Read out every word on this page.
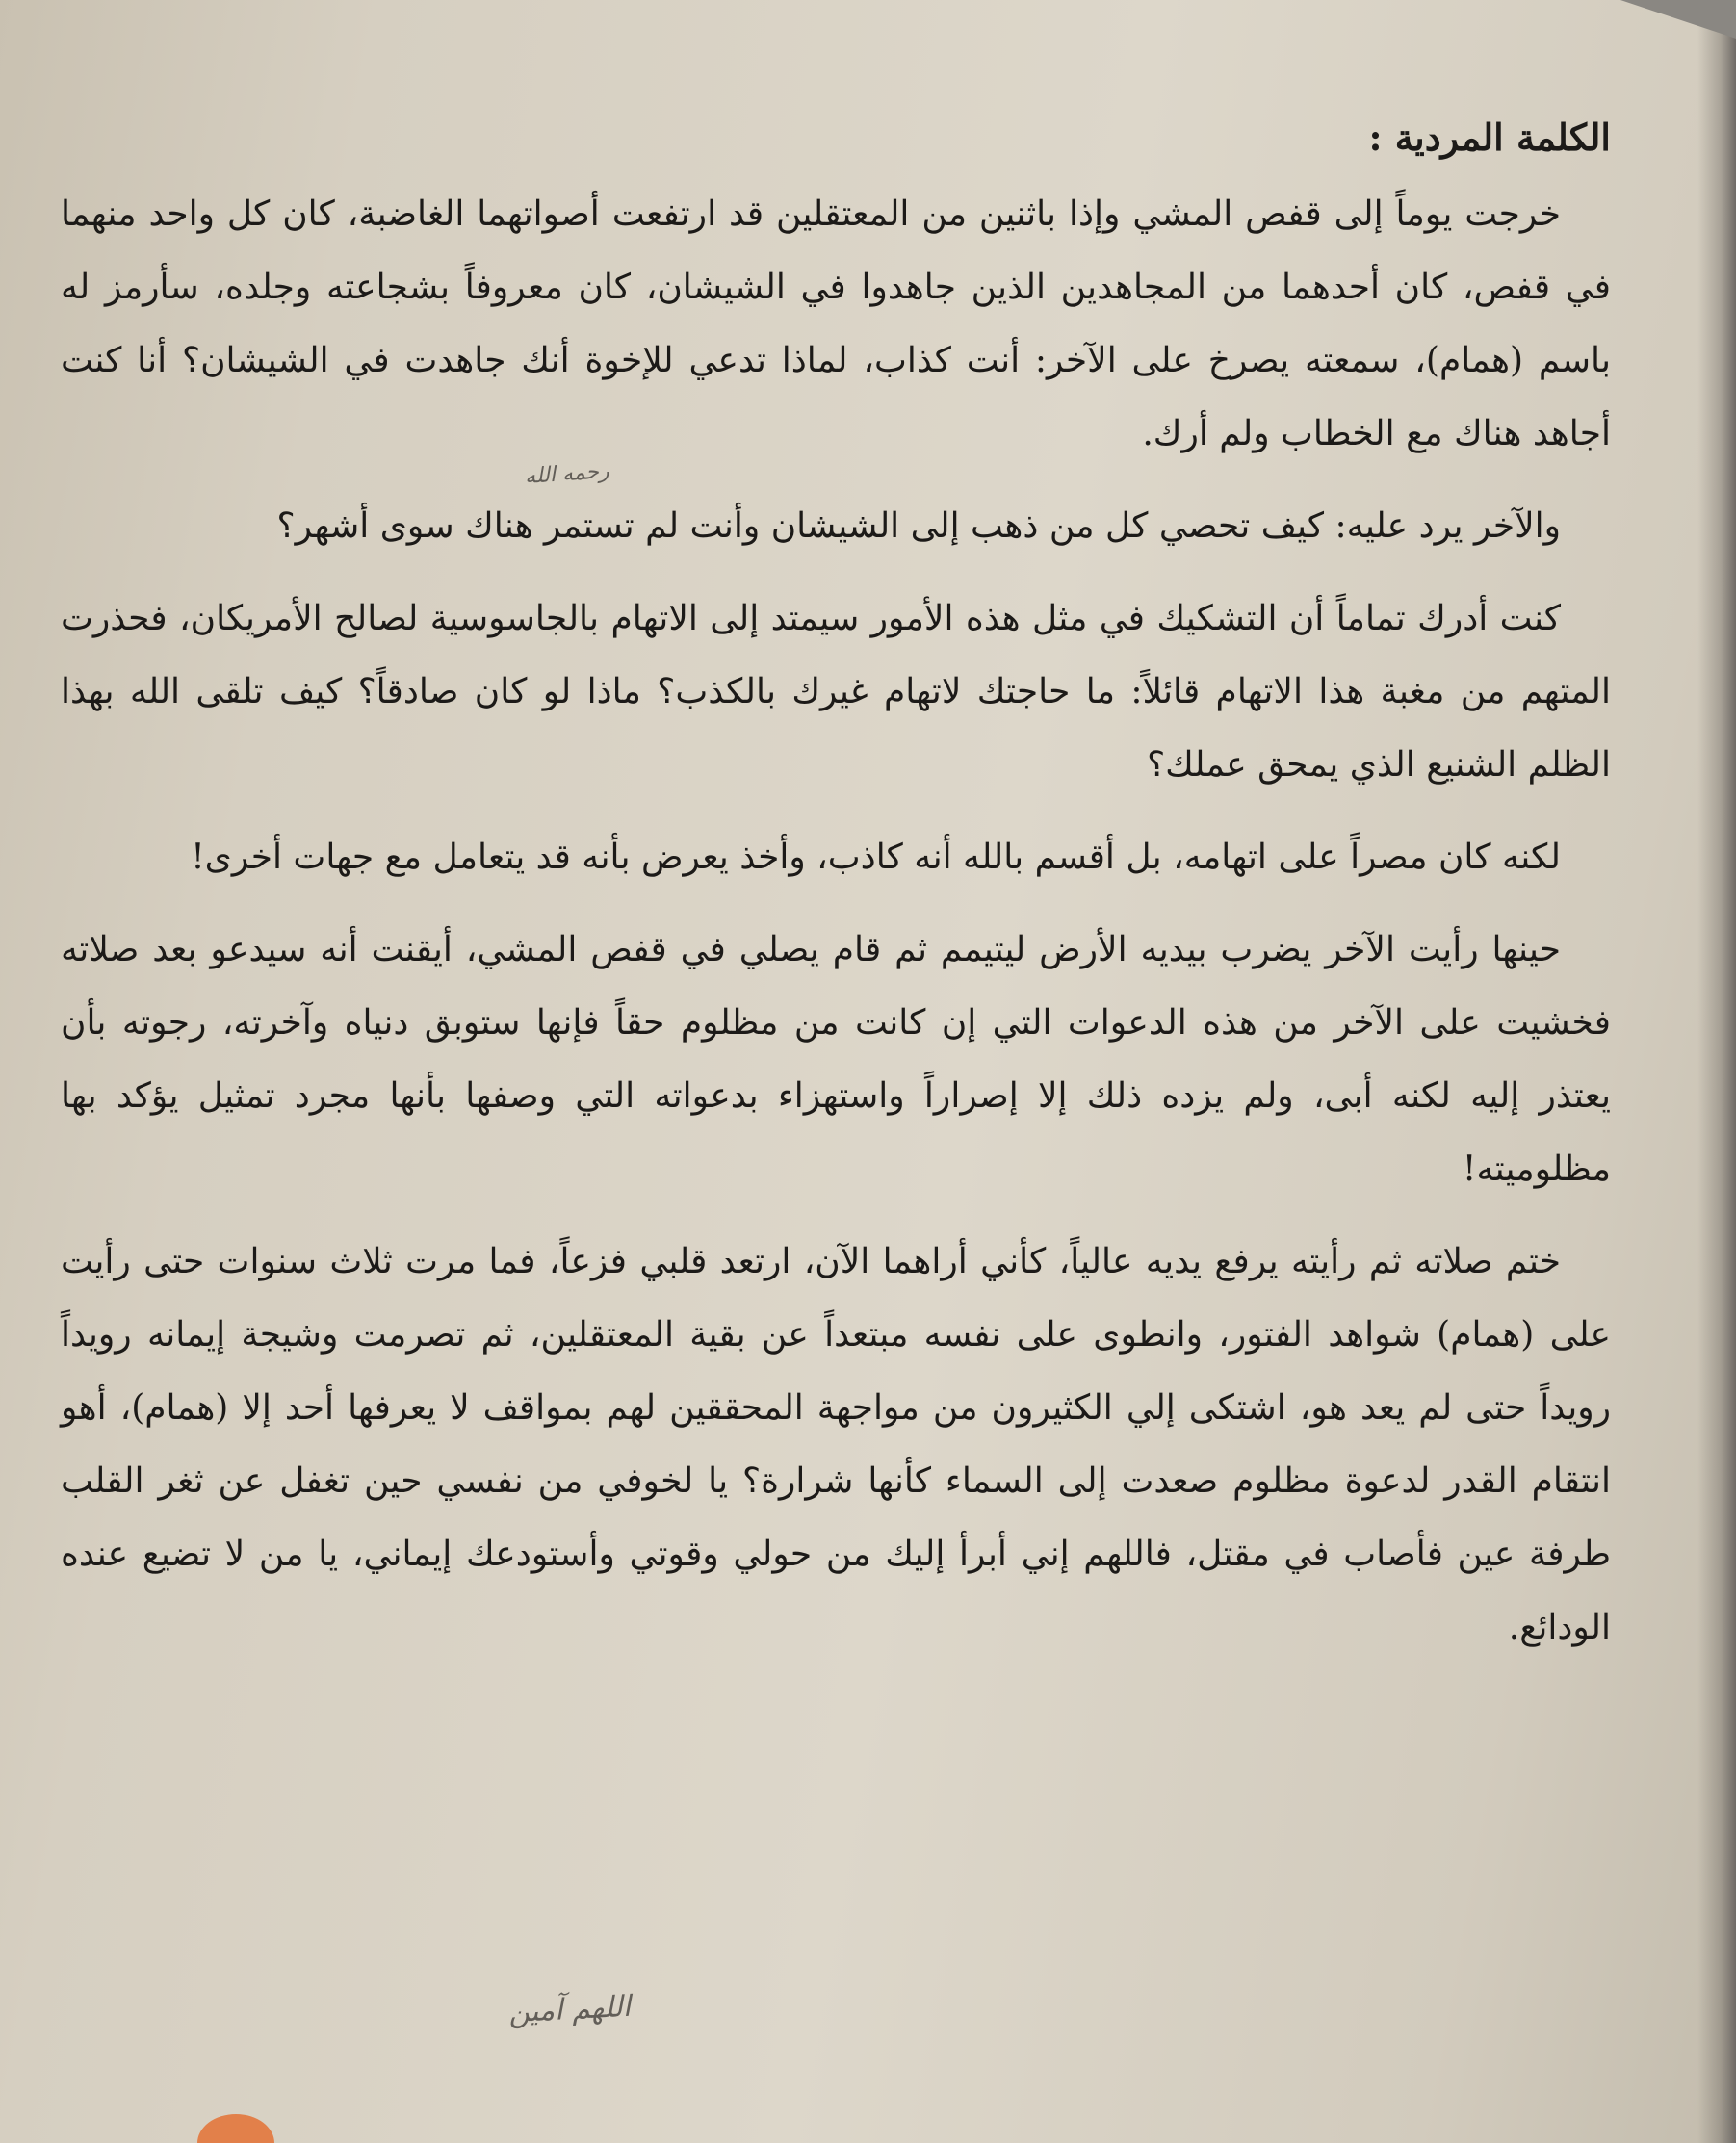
الكلمة المردية :

خرجت يوماً إلى قفص المشي وإذا باثنين من المعتقلين قد ارتفعت أصواتهما الغاضبة، كان كل واحد منهما في قفص، كان أحدهما من المجاهدين الذين جاهدوا في الشيشان، كان معروفاً بشجاعته وجلده، سأرمز له باسم (همام)، سمعته يصرخ على الآخر: أنت كذاب، لماذا تدعي للإخوة أنك جاهدت في الشيشان؟ أنا كنت أجاهد هناك مع الخطاب ولم أرك.

والآخر يرد عليه: كيف تحصي كل من ذهب إلى الشيشان وأنت لم تستمر هناك سوى أشهر؟

كنت أدرك تماماً أن التشكيك في مثل هذه الأمور سيمتد إلى الاتهام بالجاسوسية لصالح الأمريكان، فحذرت المتهم من مغبة هذا الاتهام قائلاً: ما حاجتك لاتهام غيرك بالكذب؟ ماذا لو كان صادقاً؟ كيف تلقى الله بهذا الظلم الشنيع الذي يمحق عملك؟

لكنه كان مصراً على اتهامه، بل أقسم بالله أنه كاذب، وأخذ يعرض بأنه قد يتعامل مع جهات أخرى!

حينها رأيت الآخر يضرب بيديه الأرض ليتيمم ثم قام يصلي في قفص المشي، أيقنت أنه سيدعو بعد صلاته فخشيت على الآخر من هذه الدعوات التي إن كانت من مظلوم حقاً فإنها ستوبق دنياه وآخرته، رجوته بأن يعتذر إليه لكنه أبى، ولم يزده ذلك إلا إصراراً واستهزاء بدعواته التي وصفها بأنها مجرد تمثيل يؤكد بها مظلوميته!

ختم صلاته ثم رأيته يرفع يديه عالياً، كأني أراهما الآن، ارتعد قلبي فزعاً، فما مرت ثلاث سنوات حتى رأيت على (همام) شواهد الفتور، وانطوى على نفسه مبتعداً عن بقية المعتقلين، ثم تصرمت وشيجة إيمانه رويداً رويداً حتى لم يعد هو، اشتكى إلي الكثيرون من مواجهة المحققين لهم بمواقف لا يعرفها أحد إلا (همام)، أهو انتقام القدر لدعوة مظلوم صعدت إلى السماء كأنها شرارة؟ يا لخوفي من نفسي حين تغفل عن ثغر القلب طرفة عين فأصاب في مقتل، فاللهم إني أبرأ إليك من حولي وقوتي وأستودعك إيماني، يا من لا تضيع عنده الودائع.

رحمه الله
اللهم آمين
